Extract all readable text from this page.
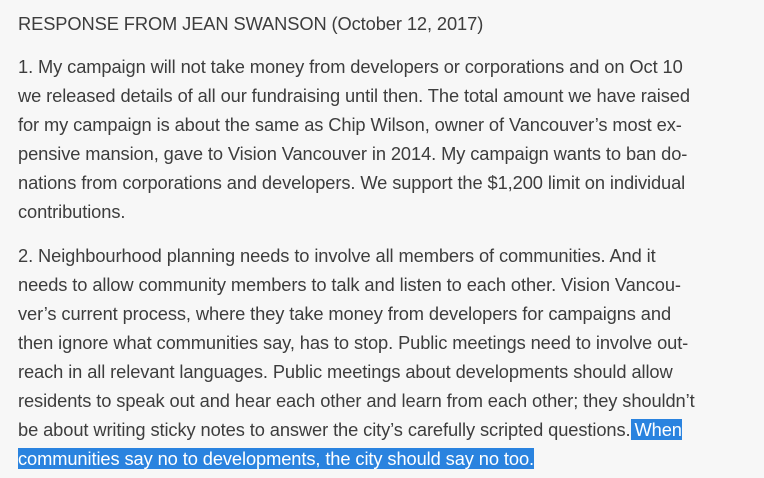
RESPONSE FROM JEAN SWANSON (October 12, 2017)

1. My campaign will not take money from developers or corporations and on Oct 10
we released details of all our fundraising until then. The total amount we have raised
for my campaign is about the same as Chip Wilson, owner of Vancouver’s most ex-
pensive mansion, gave to Vision Vancouver in 2014. My campaign wants to ban do-
nations from corporations and developers. We support the $1,200 limit on individual
contributions.

2. Neighbourhood planning needs to involve all members of communities. And it
needs to allow community members to talk and listen to each other. Vision Vancou-
ver’s current process, where they take money from developers for campaigns and
then ignore what communities say, has to stop. Public meetings need to involve out-
reach in all relevant languages. Public meetings about developments should allow
residents to speak out and hear each other and learn from each other; they shouldn’t
be about writing sticky notes to answer the city’s carefully scripted questions. When
communities say no to developments, the city should say no too.
